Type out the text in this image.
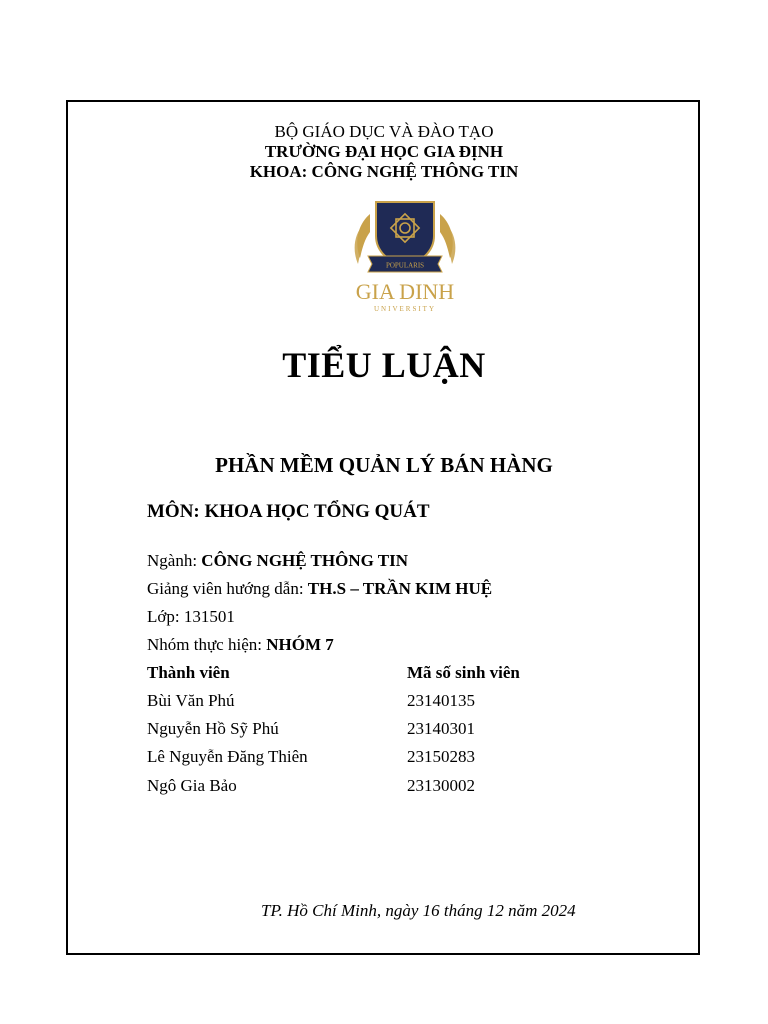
BỘ GIÁO DỤC VÀ ĐÀO TẠO
TRƯỜNG ĐẠI HỌC GIA ĐỊNH
KHOA: CÔNG NGHỆ THÔNG TIN
POPULARIS
GIA DINH
UNIVERSITY
TIỂU LUẬN
PHẦN MỀM QUẢN LÝ BÁN HÀNG
MÔN: KHOA HỌC TỔNG QUÁT
Ngành: CÔNG NGHỆ THÔNG TIN
Giảng viên hướng dẫn: TH.S – TRẦN KIM HUỆ
Lớp: 131501
Nhóm thực hiện: NHÓM 7
Thành viên	Mã số sinh viên
Bùi Văn Phú	23140135
Nguyễn Hồ Sỹ Phú	23140301
Lê Nguyễn Đăng Thiên	23150283
Ngô Gia Bảo	23130002
TP. Hồ Chí Minh, ngày 16 tháng 12 năm 2024
